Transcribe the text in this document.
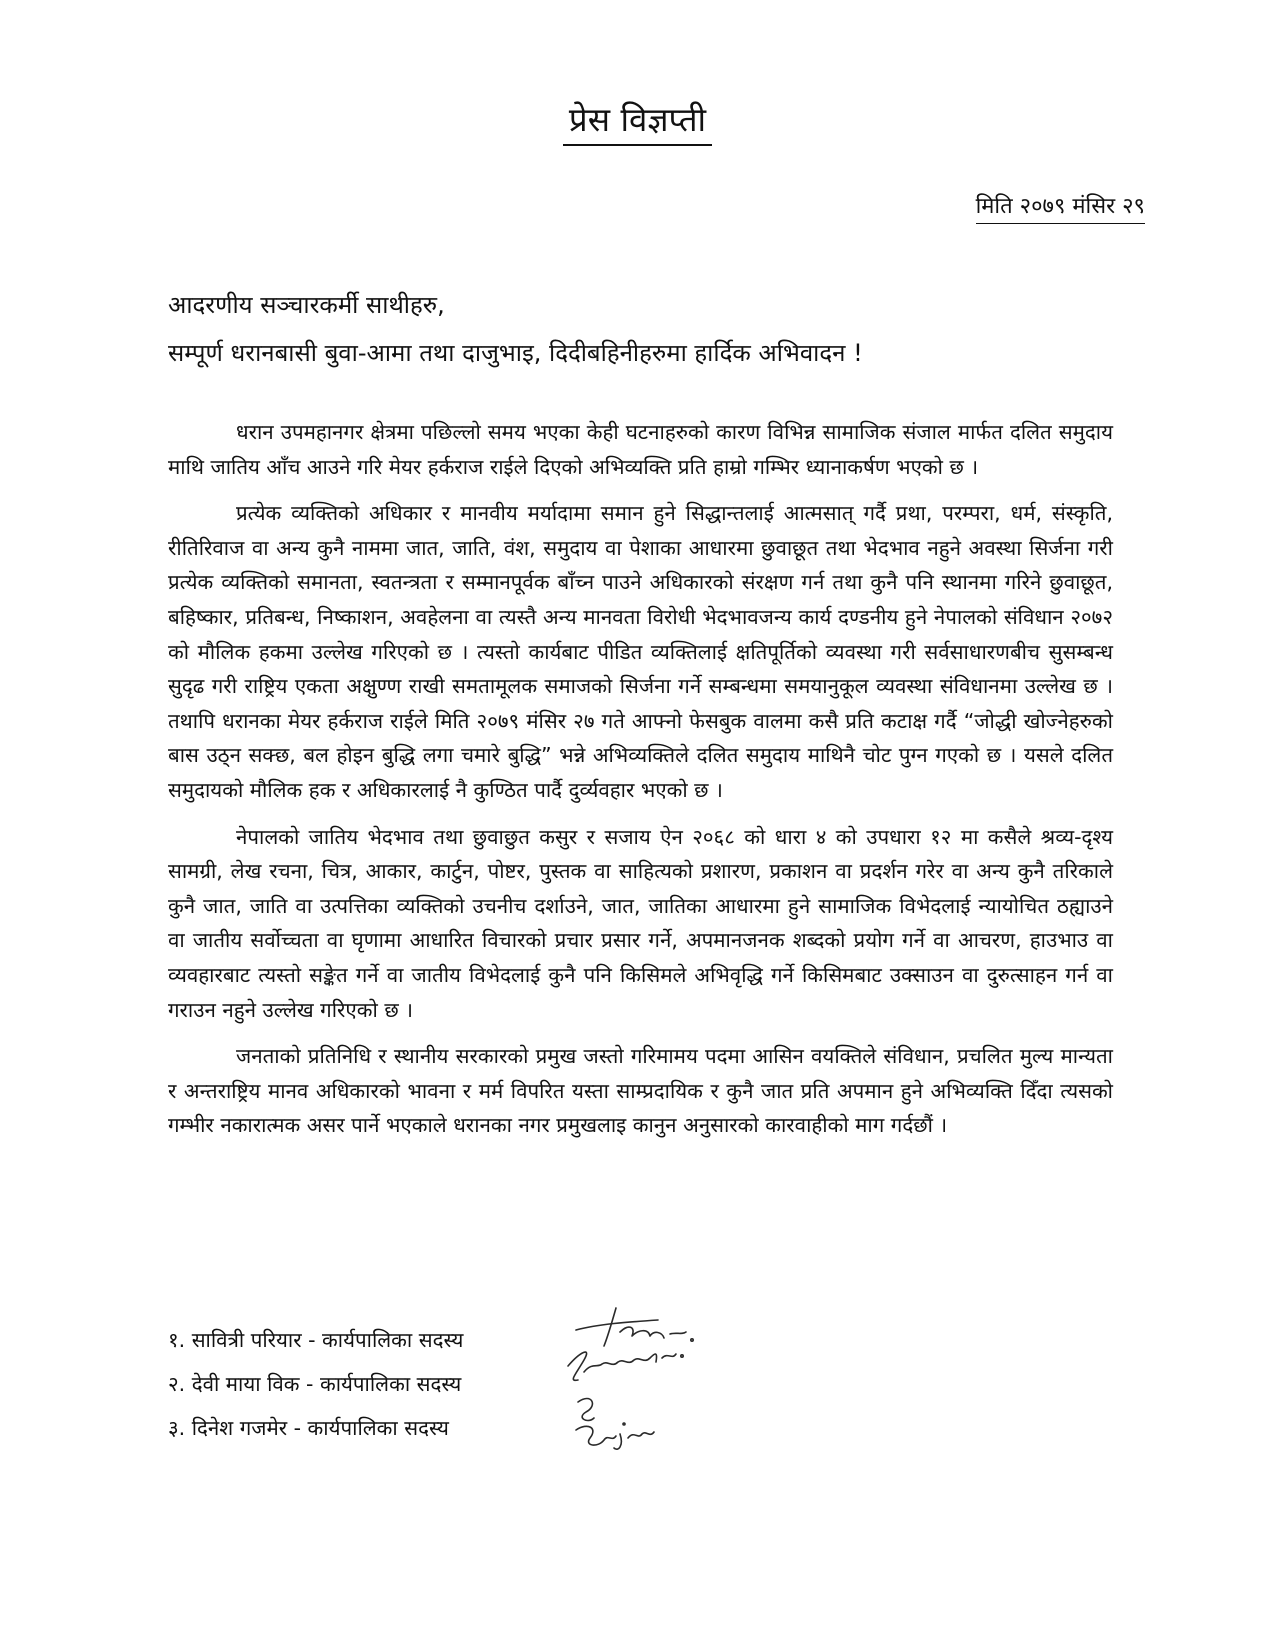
प्रेस विज्ञप्ती
मिति २०७९ मंसिर २९
आदरणीय सञ्चारकर्मी साथीहरु,
सम्पूर्ण धरानबासी बुवा-आमा तथा दाजुभाइ, दिदीबहिनीहरुमा हार्दिक अभिवादन !

धरान उपमहानगर क्षेत्रमा पछिल्लो समय भएका केही घटनाहरुको कारण विभिन्न सामाजिक संजाल मार्फत दलित समुदाय माथि जातिय आँच आउने गरि मेयर हर्कराज राईले दिएको अभिव्यक्ति प्रति हाम्रो गम्भिर ध्यानाकर्षण भएको छ ।

प्रत्येक व्यक्तिको अधिकार र मानवीय मर्यादामा समान हुने सिद्धान्तलाई आत्मसात् गर्दै प्रथा, परम्परा, धर्म, संस्कृति, रीतिरिवाज वा अन्य कुनै नाममा जात, जाति, वंश, समुदाय वा पेशाका आधारमा छुवाछूत तथा भेदभाव नहुने अवस्था सिर्जना गरी प्रत्येक व्यक्तिको समानता, स्वतन्त्रता र सम्मानपूर्वक बाँच्न पाउने अधिकारको संरक्षण गर्न तथा कुनै पनि स्थानमा गरिने छुवाछूत, बहिष्कार, प्रतिबन्ध, निष्काशन, अवहेलना वा त्यस्तै अन्य मानवता विरोधी भेदभावजन्य कार्य दण्डनीय हुने नेपालको संविधान २०७२ को मौलिक हकमा उल्लेख गरिएको छ । त्यस्तो कार्यबाट पीडित व्यक्तिलाई क्षतिपूर्तिको व्यवस्था गरी सर्वसाधारणबीच सुसम्बन्ध सुदृढ गरी राष्ट्रिय एकता अक्षुण्ण राखी समतामूलक समाजको सिर्जना गर्ने सम्बन्धमा समयानुकूल व्यवस्था संविधानमा उल्लेख छ । तथापि धरानका मेयर हर्कराज राईले मिति २०७९ मंसिर २७ गते आफ्नो फेसबुक वालमा कसै प्रति कटाक्ष गर्दै “जोद्धी खोज्नेहरुको बास उठ्न सक्छ, बल होइन बुद्धि लगा चमारे बुद्धि” भन्ने अभिव्यक्तिले दलित समुदाय माथिनै चोट पुग्न गएको छ । यसले दलित समुदायको मौलिक हक र अधिकारलाई नै कुण्ठित पार्दै दुर्व्यवहार भएको छ ।

नेपालको जातिय भेदभाव तथा छुवाछुत कसुर र सजाय ऐन २०६८ को धारा ४ को उपधारा १२ मा कसैले श्रव्य-दृश्य सामग्री, लेख रचना, चित्र, आकार, कार्टुन, पोष्टर, पुस्तक वा साहित्यको प्रशारण, प्रकाशन वा प्रदर्शन गरेर वा अन्य कुनै तरिकाले कुनै जात, जाति वा उत्पत्तिका व्यक्तिको उचनीच दर्शाउने, जात, जातिका आधारमा हुने सामाजिक विभेदलाई न्यायोचित ठह्याउने वा जातीय सर्वोच्चता वा घृणामा आधारित विचारको प्रचार प्रसार गर्ने, अपमानजनक शब्दको प्रयोग गर्ने वा आचरण, हाउभाउ वा व्यवहारबाट त्यस्तो सङ्केत गर्ने वा जातीय विभेदलाई कुनै पनि किसिमले अभिवृद्धि गर्ने किसिमबाट उक्साउन वा दुरुत्साहन गर्न वा गराउन नहुने उल्लेख गरिएको छ ।

जनताको प्रतिनिधि र स्थानीय सरकारको प्रमुख जस्तो गरिमामय पदमा आसिन वयक्तिले संविधान, प्रचलित मुल्य मान्यता र अन्तराष्ट्रिय मानव अधिकारको भावना र मर्म विपरित यस्ता साम्प्रदायिक र कुनै जात प्रति अपमान हुने अभिव्यक्ति दिँदा त्यसको गम्भीर नकारात्मक असर पार्ने भएकाले धरानका नगर प्रमुखलाइ कानुन अनुसारको कारवाहीको माग गर्दछौं ।

१. सावित्री परियार - कार्यपालिका सदस्य
२. देवी माया विक - कार्यपालिका सदस्य
३. दिनेश गजमेर - कार्यपालिका सदस्य
